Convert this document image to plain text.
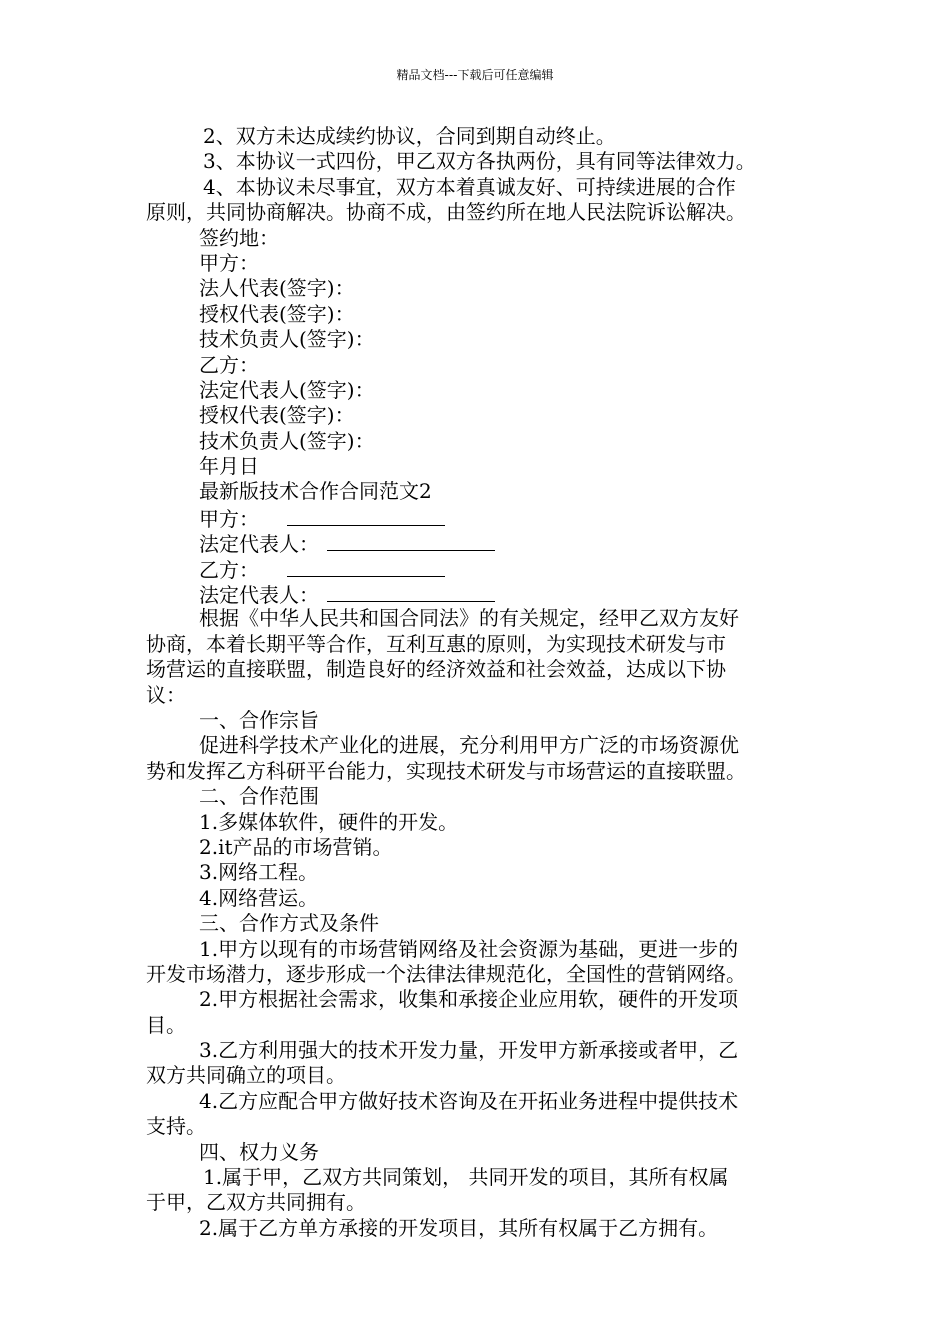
精品文档---下载后可任意编辑
2、双方未达成续约协议，合同到期自动终止。
3、本协议一式四份，甲乙双方各执两份，具有同等法律效力。
4、本协议未尽事宜，双方本着真诚友好、可持续进展的合作
原则，共同协商解决。协商不成，由签约所在地人民法院诉讼解决。
签约地：
甲方：
法人代表(签字)：
授权代表(签字)：
技术负责人(签字)：
乙方：
法定代表人(签字)：
授权代表(签字)：
技术负责人(签字)：
年月日
最新版技术合作合同范文2
甲方：
法定代表人：
乙方：
法定代表人：
根据《中华人民共和国合同法》的有关规定，经甲乙双方友好
协商，本着长期平等合作，互利互惠的原则，为实现技术研发与市
场营运的直接联盟，制造良好的经济效益和社会效益，达成以下协
议：
一、合作宗旨
促进科学技术产业化的进展，充分利用甲方广泛的市场资源优
势和发挥乙方科研平台能力，实现技术研发与市场营运的直接联盟。
二、合作范围
1.多媒体软件，硬件的开发。
2.it产品的市场营销。
3.网络工程。
4.网络营运。
三、合作方式及条件
1.甲方以现有的市场营销网络及社会资源为基础，更进一步的
开发市场潜力，逐步形成一个法律法律规范化，全国性的营销网络。
2.甲方根据社会需求，收集和承接企业应用软，硬件的开发项
目。
3.乙方利用强大的技术开发力量，开发甲方新承接或者甲，乙
双方共同确立的项目。
4.乙方应配合甲方做好技术咨询及在开拓业务进程中提供技术
支持。
四、权力义务
1.属于甲，乙双方共同策划， 共同开发的项目，其所有权属
于甲，乙双方共同拥有。
2.属于乙方单方承接的开发项目，其所有权属于乙方拥有。
